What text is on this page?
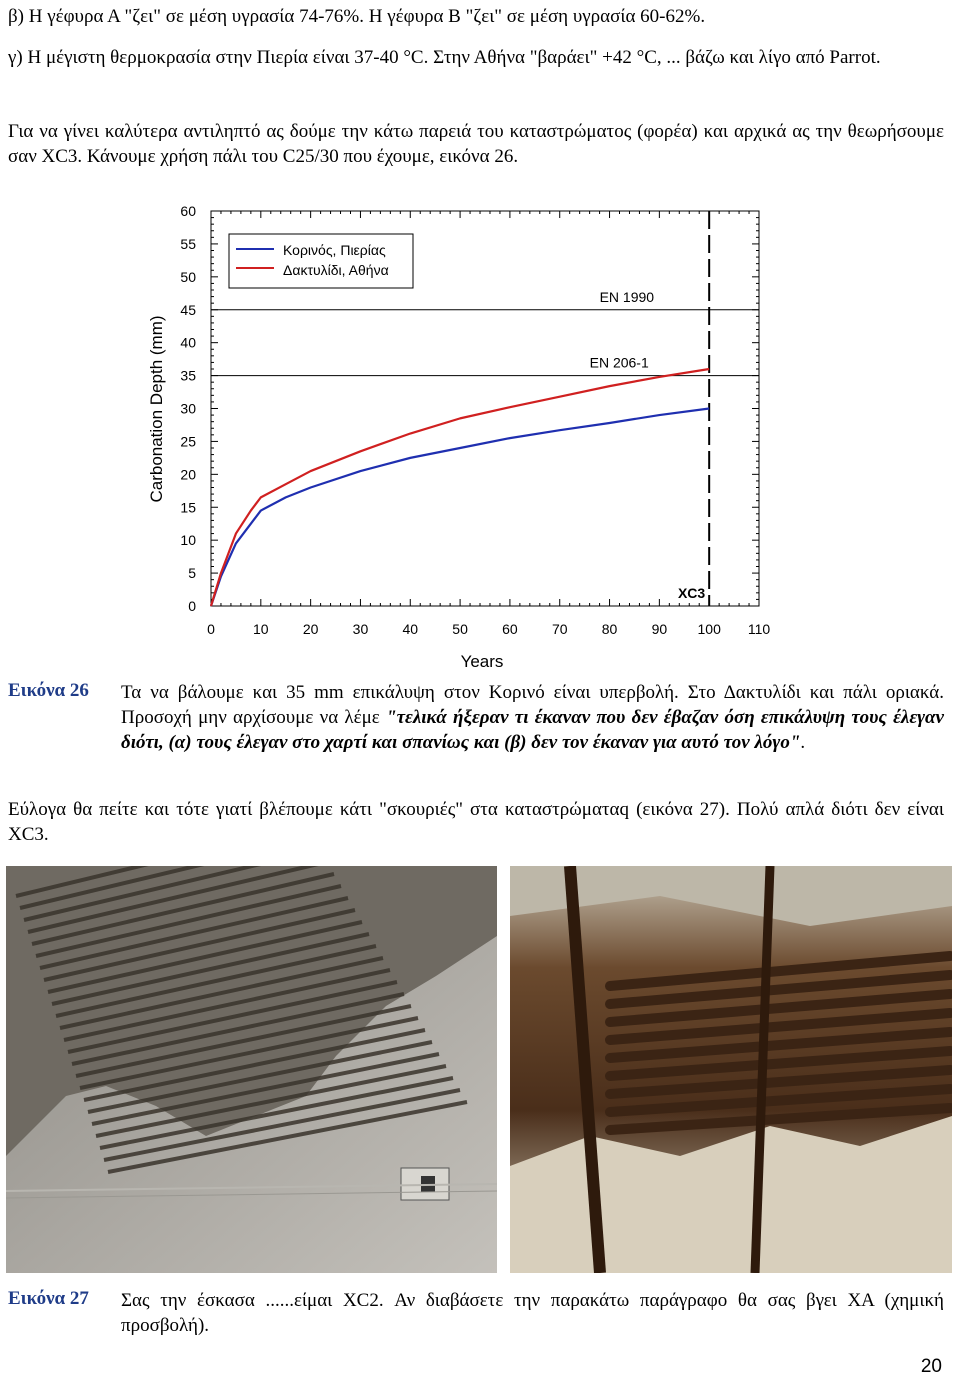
β) Η γέφυρα Α "ζει" σε μέση υγρασία 74-76%. Η γέφυρα Β "ζει" σε μέση υγρασία 60-62%.

γ) Η μέγιστη θερμοκρασία στην Πιερία είναι 37-40 °C. Στην Αθήνα "βαράει" +42 °C, ... βάζω και λίγο από Parrot.

Για να γίνει καλύτερα αντιληπτό ας δούμε την κάτω παρειά του καταστρώματος (φορέα) και αρχικά ας την θεωρήσουμε σαν XC3. Κάνουμε χρήση πάλι του C25/30 που έχουμε, εικόνα 26.

0	10 20 30 40 50 60 70 80 90 100 110
0
5
10
15
20
25
30
35
40
45
50
55
60
EN 1990
EN 206-1
XC3
Κορινός, Πιερίας
Δακτυλίδι, Αθήνα
Years
Carbonation Depth (mm)
Εικόνα 26 Τα να βάλουμε και 35 mm επικάλυψη στον Κορινό είναι υπερβολή. Στο Δακτυλίδι και πάλι οριακά. Προσοχή μην αρχίσουμε να λέμε "τελικά ήξεραν τι έκαναν που δεν έβαζαν όση επικάλυψη τους έλεγαν διότι, (α) τους έλεγαν στο χαρτί και σπανίως και (β) δεν τον έκαναν για αυτό τον λόγο".

Εύλογα θα πείτε και τότε γιατί βλέπουμε κάτι "σκουριές" στα καταστρώματαq (εικόνα 27). Πολύ απλά διότι δεν είναι XC3.

Εικόνα 27 Σας την έσκασα ......είμαι XC2. Αν διαβάσετε την παρακάτω παράγραφο θα σας βγει ΧΑ (χημική προσβολή).

20
